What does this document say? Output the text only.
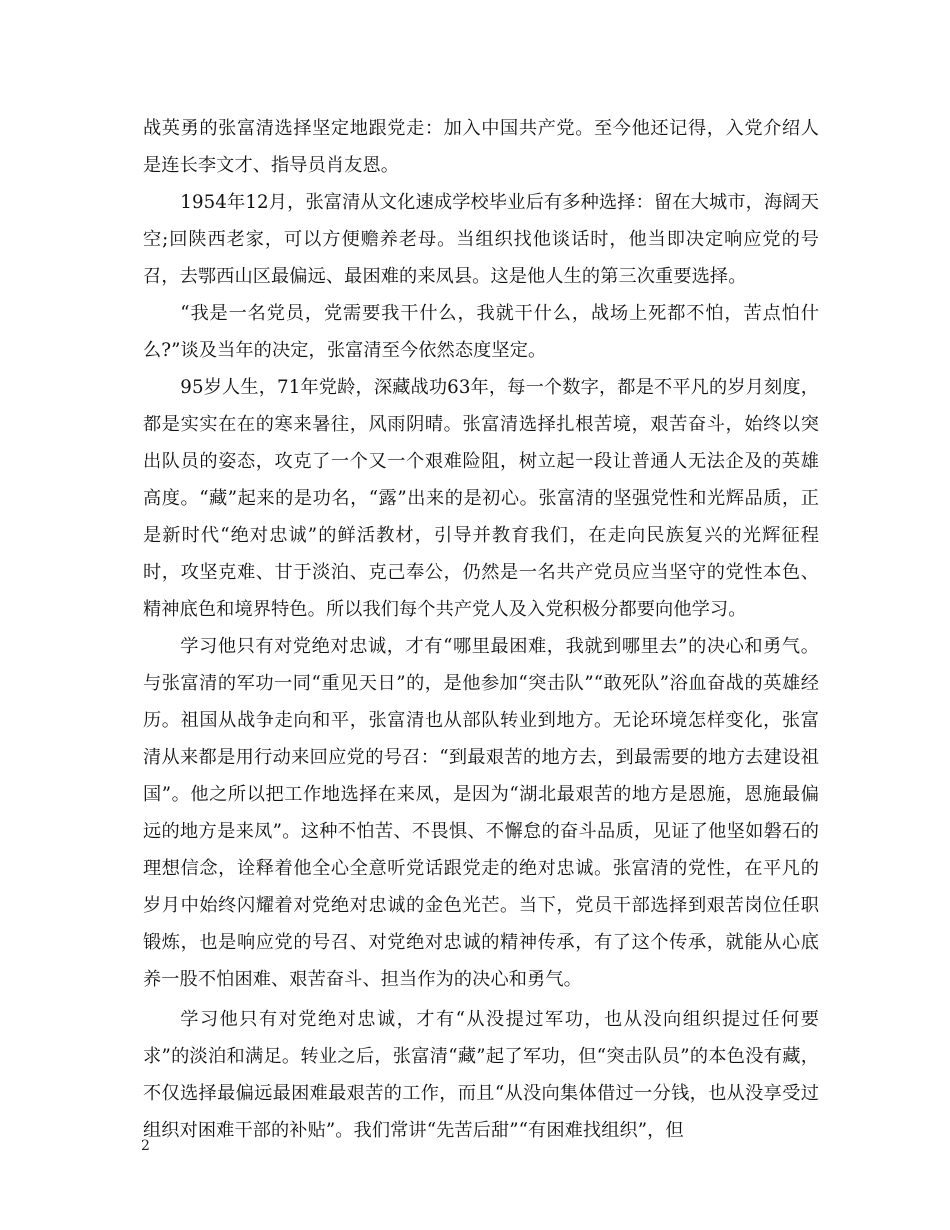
战英勇的张富清选择坚定地跟党走：加入中国共产党。至今他还记得，入党介绍人是连长李文才、指导员肖友恩。

1954年12月，张富清从文化速成学校毕业后有多种选择：留在大城市，海阔天空;回陕西老家，可以方便赡养老母。当组织找他谈话时，他当即决定响应党的号召，去鄂西山区最偏远、最困难的来凤县。这是他人生的第三次重要选择。

“我是一名党员，党需要我干什么，我就干什么，战场上死都不怕，苦点怕什么?”谈及当年的决定，张富清至今依然态度坚定。

95岁人生，71年党龄，深藏战功63年，每一个数字，都是不平凡的岁月刻度，都是实实在在的寒来暑往，风雨阴晴。张富清选择扎根苦境，艰苦奋斗，始终以突出队员的姿态，攻克了一个又一个艰难险阻，树立起一段让普通人无法企及的英雄高度。“藏”起来的是功名，“露”出来的是初心。张富清的坚强党性和光辉品质，正是新时代“绝对忠诚”的鲜活教材，引导并教育我们，在走向民族复兴的光辉征程时，攻坚克难、甘于淡泊、克己奉公，仍然是一名共产党员应当坚守的党性本色、精神底色和境界特色。所以我们每个共产党人及入党积极分都要向他学习。

学习他只有对党绝对忠诚，才有“哪里最困难，我就到哪里去”的决心和勇气。与张富清的军功一同“重见天日”的，是他参加“突击队”“敢死队”浴血奋战的英雄经历。祖国从战争走向和平，张富清也从部队转业到地方。无论环境怎样变化，张富清从来都是用行动来回应党的号召：“到最艰苦的地方去，到最需要的地方去建设祖国”。他之所以把工作地选择在来凤，是因为“湖北最艰苦的地方是恩施，恩施最偏远的地方是来凤”。这种不怕苦、不畏惧、不懈怠的奋斗品质，见证了他坚如磐石的理想信念，诠释着他全心全意听党话跟党走的绝对忠诚。张富清的党性，在平凡的岁月中始终闪耀着对党绝对忠诚的金色光芒。当下，党员干部选择到艰苦岗位任职锻炼，也是响应党的号召、对党绝对忠诚的精神传承，有了这个传承，就能从心底养一股不怕困难、艰苦奋斗、担当作为的决心和勇气。

学习他只有对党绝对忠诚，才有“从没提过军功，也从没向组织提过任何要求”的淡泊和满足。转业之后，张富清“藏”起了军功，但“突击队员”的本色没有藏，不仅选择最偏远最困难最艰苦的工作，而且“从没向集体借过一分钱，也从没享受过组织对困难干部的补贴”。我们常讲“先苦后甜”“有困难找组织”，但

2
